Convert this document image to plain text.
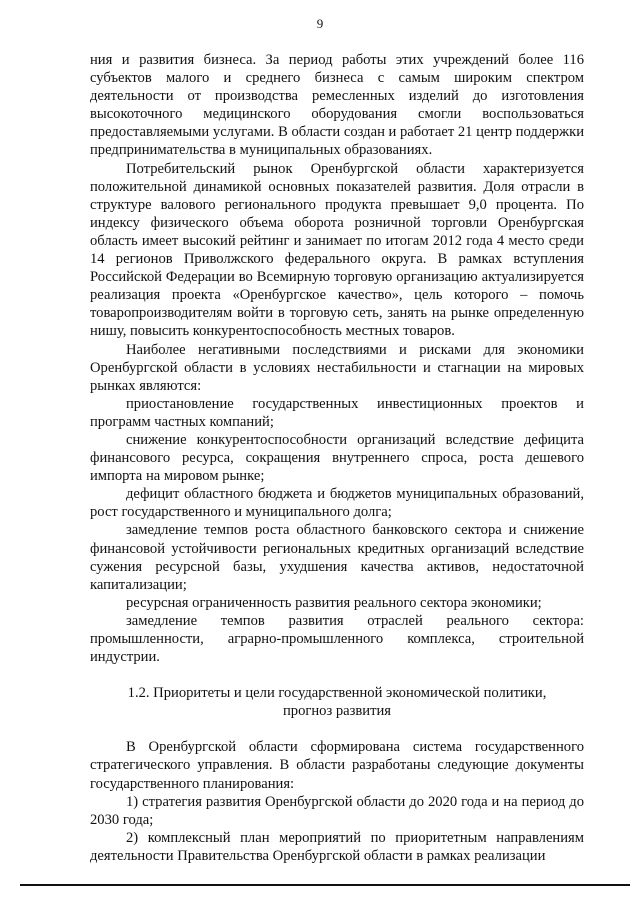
9

ния и развития бизнеса. За период работы этих учреждений более 116 субъектов малого и среднего бизнеса с самым широким спектром деятельности от производства ремесленных изделий до изготовления высокоточного медицинского оборудования смогли воспользоваться предоставляемыми услугами. В области создан и работает 21 центр поддержки предпринимательства в муниципальных образованиях.

Потребительский рынок Оренбургской области характеризуется положительной динамикой основных показателей развития. Доля отрасли в структуре валового регионального продукта превышает 9,0 процента. По индексу физического объема оборота розничной торговли Оренбургская область имеет высокий рейтинг и занимает по итогам 2012 года 4 место среди 14 регионов Приволжского федерального округа. В рамках вступления Российской Федерации во Всемирную торговую организацию актуализируется реализация проекта «Оренбургское качество», цель которого – помочь товаропроизводителям войти в торговую сеть, занять на рынке определенную нишу, повысить конкурентоспособность местных товаров.

Наиболее негативными последствиями и рисками для экономики Оренбургской области в условиях нестабильности и стагнации на мировых рынках являются:

приостановление государственных инвестиционных проектов и программ частных компаний;

снижение конкурентоспособности организаций вследствие дефицита финансового ресурса, сокращения внутреннего спроса, роста дешевого импорта на мировом рынке;

дефицит областного бюджета и бюджетов муниципальных образований, рост государственного и муниципального долга;

замедление темпов роста областного банковского сектора и снижение финансовой устойчивости региональных кредитных организаций вследствие сужения ресурсной базы, ухудшения качества активов, недостаточной капитализации;

ресурсная ограниченность развития реального сектора экономики;

замедление темпов развития отраслей реального сектора: промышленности, аграрно-промышленного комплекса, строительной индустрии.

1.2. Приоритеты и цели государственной экономической политики,

прогноз развития

В Оренбургской области сформирована система государственного стратегического управления. В области разработаны следующие документы государственного планирования:

1) стратегия развития Оренбургской области до 2020 года и на период до 2030 года;

2) комплексный план мероприятий по приоритетным направлениям деятельности Правительства Оренбургской области в рамках реализации
